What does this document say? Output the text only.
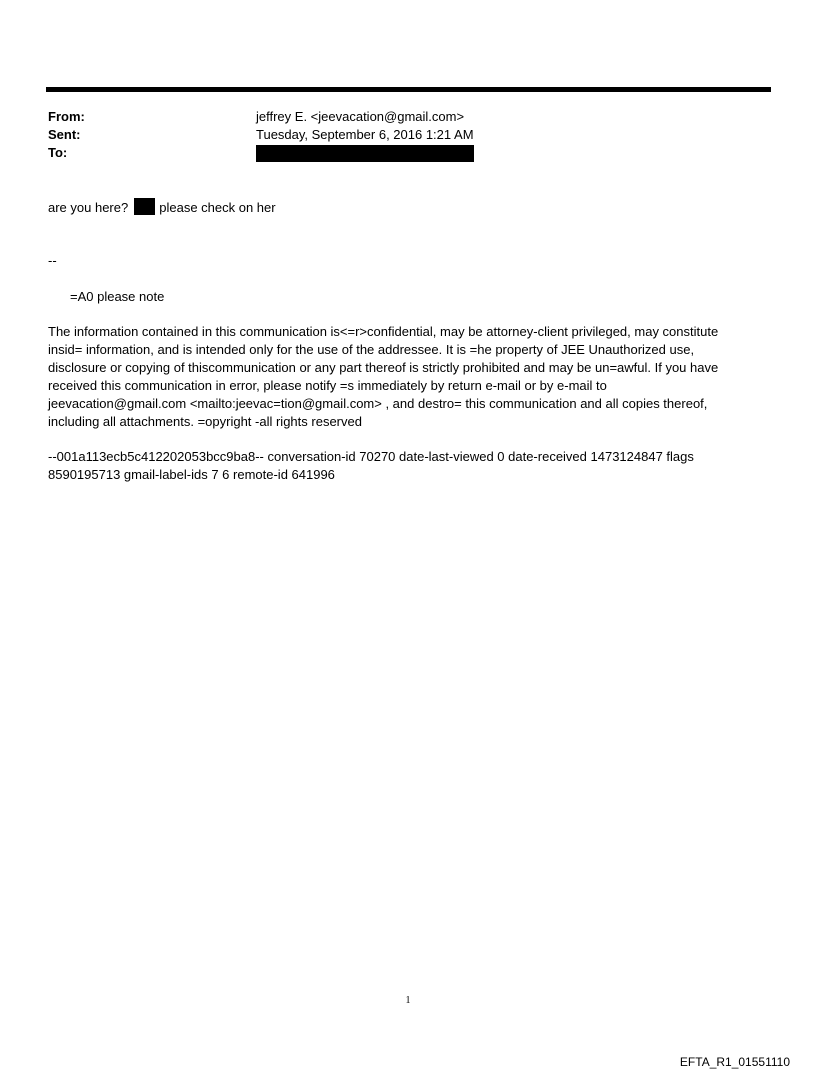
From:	jeffrey E. <jeevacation@gmail.com>
Sent:	Tuesday, September 6, 2016 1:21 AM
To:
are you here? please check on her
--
=A0 please note
The information contained in this communication is<=r>confidential, may be attorney-client privileged, may constitute
insid= information, and is intended only for the use of the addressee. It is =he property of JEE Unauthorized use,
disclosure or copying of thiscommunication or any part thereof is strictly prohibited and may be un=awful. If you have
received this communication in error, please notify =s immediately by return e-mail or by e-mail to
jeevacation@gmail.com <mailto:jeevac=tion@gmail.com> , and destro= this communication and all copies thereof,
including all attachments. =opyright -all rights reserved
--001a113ecb5c412202053bcc9ba8-- conversation-id 70270 date-last-viewed 0 date-received 1473124847 flags
8590195713 gmail-label-ids 7 6 remote-id 641996
1
EFTA_R1_01551110
